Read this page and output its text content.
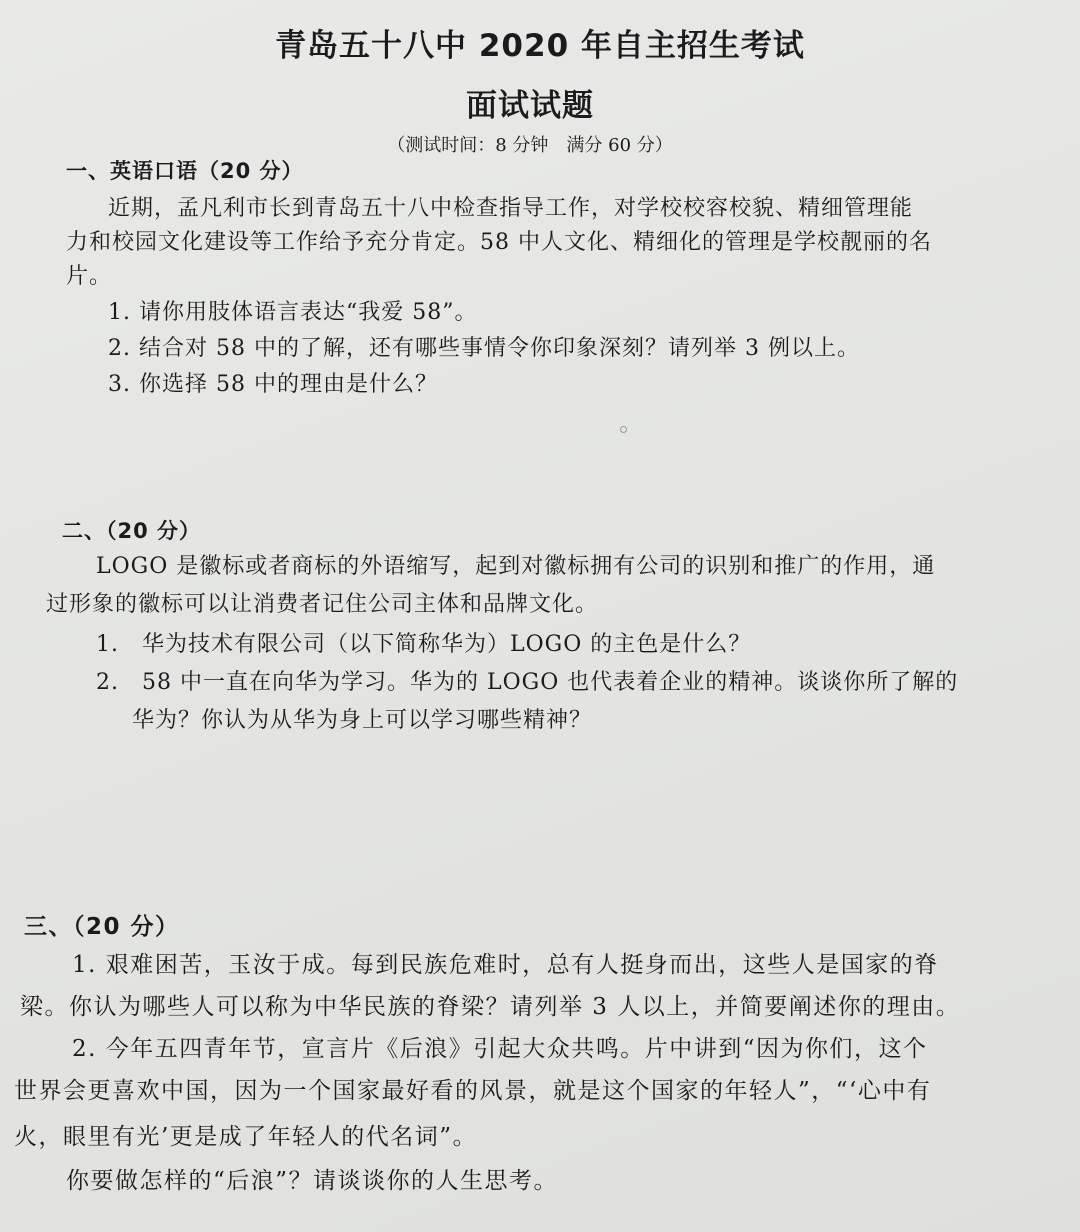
青岛五十八中 2020 年自主招生考试
面试试题
（测试时间：8 分钟　满分 60 分）
一、英语口语（20 分）
近期，孟凡利市长到青岛五十八中检查指导工作，对学校校容校貌、精细管理能
力和校园文化建设等工作给予充分肯定。58 中人文化、精细化的管理是学校靓丽的名
片。
1. 请你用肢体语言表达“我爱 58”。
2. 结合对 58 中的了解，还有哪些事情令你印象深刻？请列举 3 例以上。
3. 你选择 58 中的理由是什么？
二、（20 分）
LOGO 是徽标或者商标的外语缩写，起到对徽标拥有公司的识别和推广的作用，通
过形象的徽标可以让消费者记住公司主体和品牌文化。
1.　华为技术有限公司（以下简称华为）LOGO 的主色是什么？
2.　58 中一直在向华为学习。华为的 LOGO 也代表着企业的精神。谈谈你所了解的
华为？你认为从华为身上可以学习哪些精神？
三、（20 分）
1. 艰难困苦，玉汝于成。每到民族危难时，总有人挺身而出，这些人是国家的脊
梁。你认为哪些人可以称为中华民族的脊梁？请列举 3 人以上，并简要阐述你的理由。
2. 今年五四青年节，宣言片《后浪》引起大众共鸣。片中讲到“因为你们，这个
世界会更喜欢中国，因为一个国家最好看的风景，就是这个国家的年轻人”，“‘心中有
火，眼里有光’更是成了年轻人的代名词”。
你要做怎样的“后浪”？请谈谈你的人生思考。
